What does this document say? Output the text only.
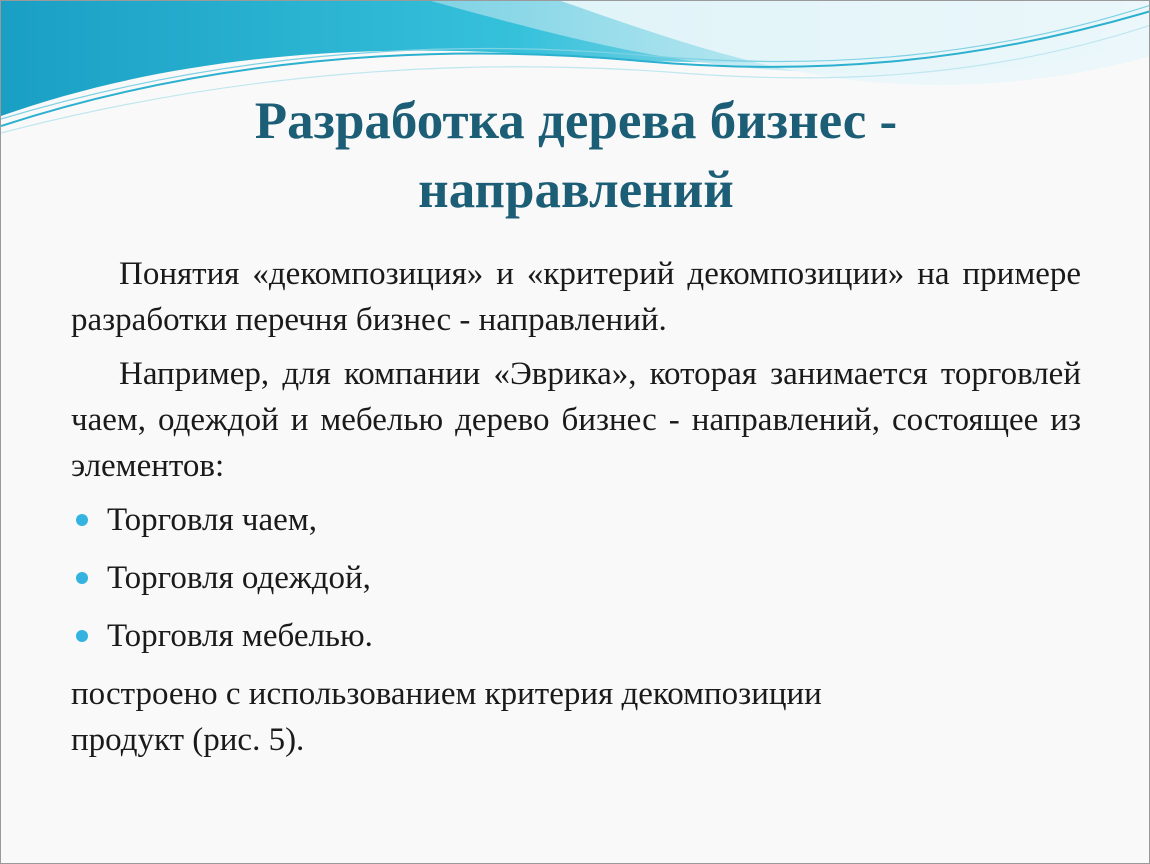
Разработка дерева бизнес -
направлений

Понятия «декомпозиция» и «критерий декомпозиции» на примере разработки перечня бизнес - направлений.

Например, для компании «Эврика», которая занимается торговлей чаем, одеждой и мебелью дерево бизнес - направлений, состоящее из элементов:

Торговля чаем,
Торговля одеждой,
Торговля мебелью.

построено с использованием критерия декомпозиции
продукт (рис. 5).
